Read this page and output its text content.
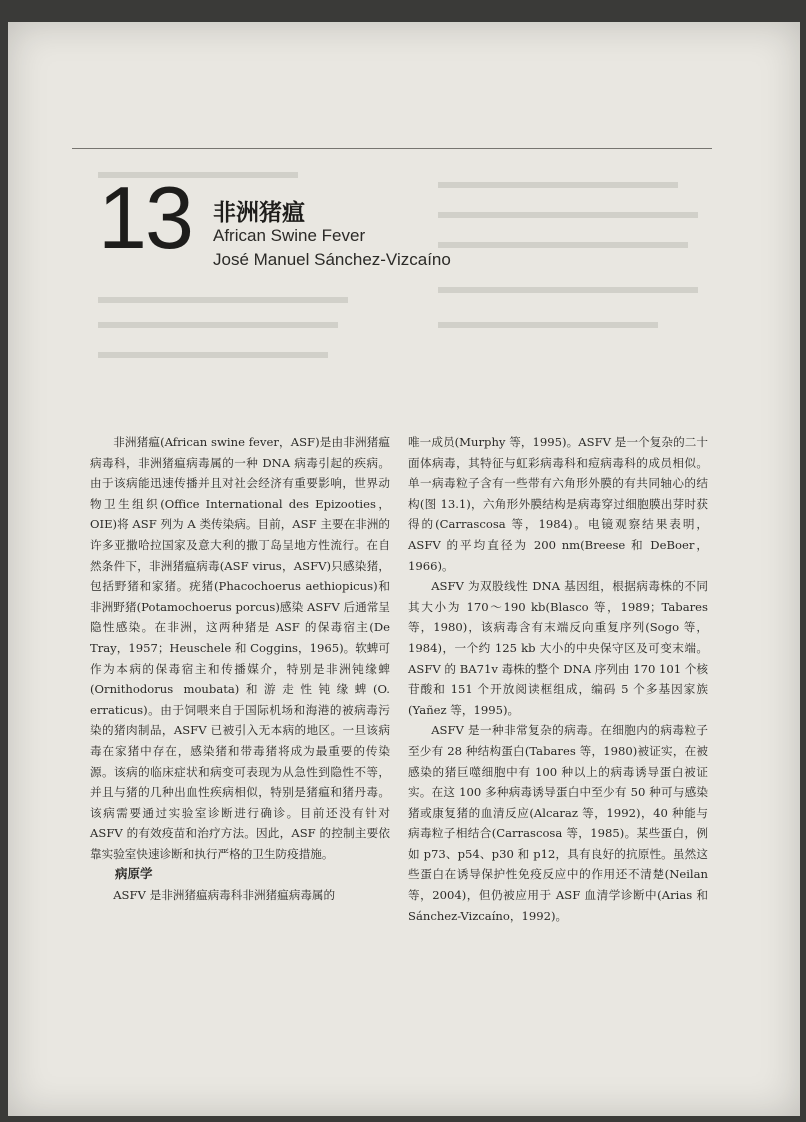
13 非洲猪瘟
African Swine Fever
José Manuel Sánchez-Vizcaíno

非洲猪瘟(African swine fever，ASF)是由非洲猪瘟病毒科，非洲猪瘟病毒属的一种 DNA 病毒引起的疾病。由于该病能迅速传播并且对社会经济有重要影响，世界动物卫生组织(Office International des Epizooties，OIE)将 ASF 列为 A 类传染病。目前，ASF 主要在非洲的许多亚撒哈拉国家及意大利的撒丁岛呈地方性流行。在自然条件下，非洲猪瘟病毒(ASF virus，ASFV)只感染猪，包括野猪和家猪。疣猪(Phacochoerus aethiopicus)和非洲野猪(Potamochoerus porcus)感染 ASFV 后通常呈隐性感染。在非洲，这两种猪是 ASF 的保毒宿主(De Tray，1957；Heuschele 和 Coggins，1965)。软蜱可作为本病的保毒宿主和传播媒介，特别是非洲钝缘蜱(Ornithodorus moubata)和游走性钝缘蜱(O. erraticus)。由于饲喂来自于国际机场和海港的被病毒污染的猪肉制品，ASFV 已被引入无本病的地区。一旦该病毒在家猪中存在，感染猪和带毒猪将成为最重要的传染源。该病的临床症状和病变可表现为从急性到隐性不等，并且与猪的几种出血性疾病相似，特别是猪瘟和猪丹毒。该病需要通过实验室诊断进行确诊。目前还没有针对 ASFV 的有效疫苗和治疗方法。因此，ASF 的控制主要依靠实验室快速诊断和执行严格的卫生防疫措施。

病原学

ASFV 是非洲猪瘟病毒科非洲猪瘟病毒属的

唯一成员(Murphy 等，1995)。ASFV 是一个复杂的二十面体病毒，其特征与虹彩病毒科和痘病毒科的成员相似。单一病毒粒子含有一些带有六角形外膜的有共同轴心的结构(图 13.1)，六角形外膜结构是病毒穿过细胞膜出芽时获得的(Carrascosa 等，1984)。电镜观察结果表明，ASFV 的平均直径为 200 nm(Breese 和 DeBoer，1966)。

ASFV 为双股线性 DNA 基因组，根据病毒株的不同其大小为 170～190 kb(Blasco 等，1989；Tabares 等，1980)，该病毒含有末端反向重复序列(Sogo 等，1984)，一个约 125 kb 大小的中央保守区及可变末端。ASFV 的 BA71v 毒株的整个 DNA 序列由 170 101 个核苷酸和 151 个开放阅读框组成，编码 5 个多基因家族(Yañez 等，1995)。

ASFV 是一种非常复杂的病毒。在细胞内的病毒粒子至少有 28 种结构蛋白(Tabares 等，1980)被证实，在被感染的猪巨噬细胞中有 100 种以上的病毒诱导蛋白被证实。在这 100 多种病毒诱导蛋白中至少有 50 种可与感染猪或康复猪的血清反应(Alcaraz 等，1992)，40 种能与病毒粒子相结合(Carrascosa 等，1985)。某些蛋白，例如 p73、p54、p30 和 p12，具有良好的抗原性。虽然这些蛋白在诱导保护性免疫反应中的作用还不清楚(Neilan 等，2004)，但仍被应用于 ASF 血清学诊断中(Arias 和 Sánchez-Vizcaíno，1992)。
